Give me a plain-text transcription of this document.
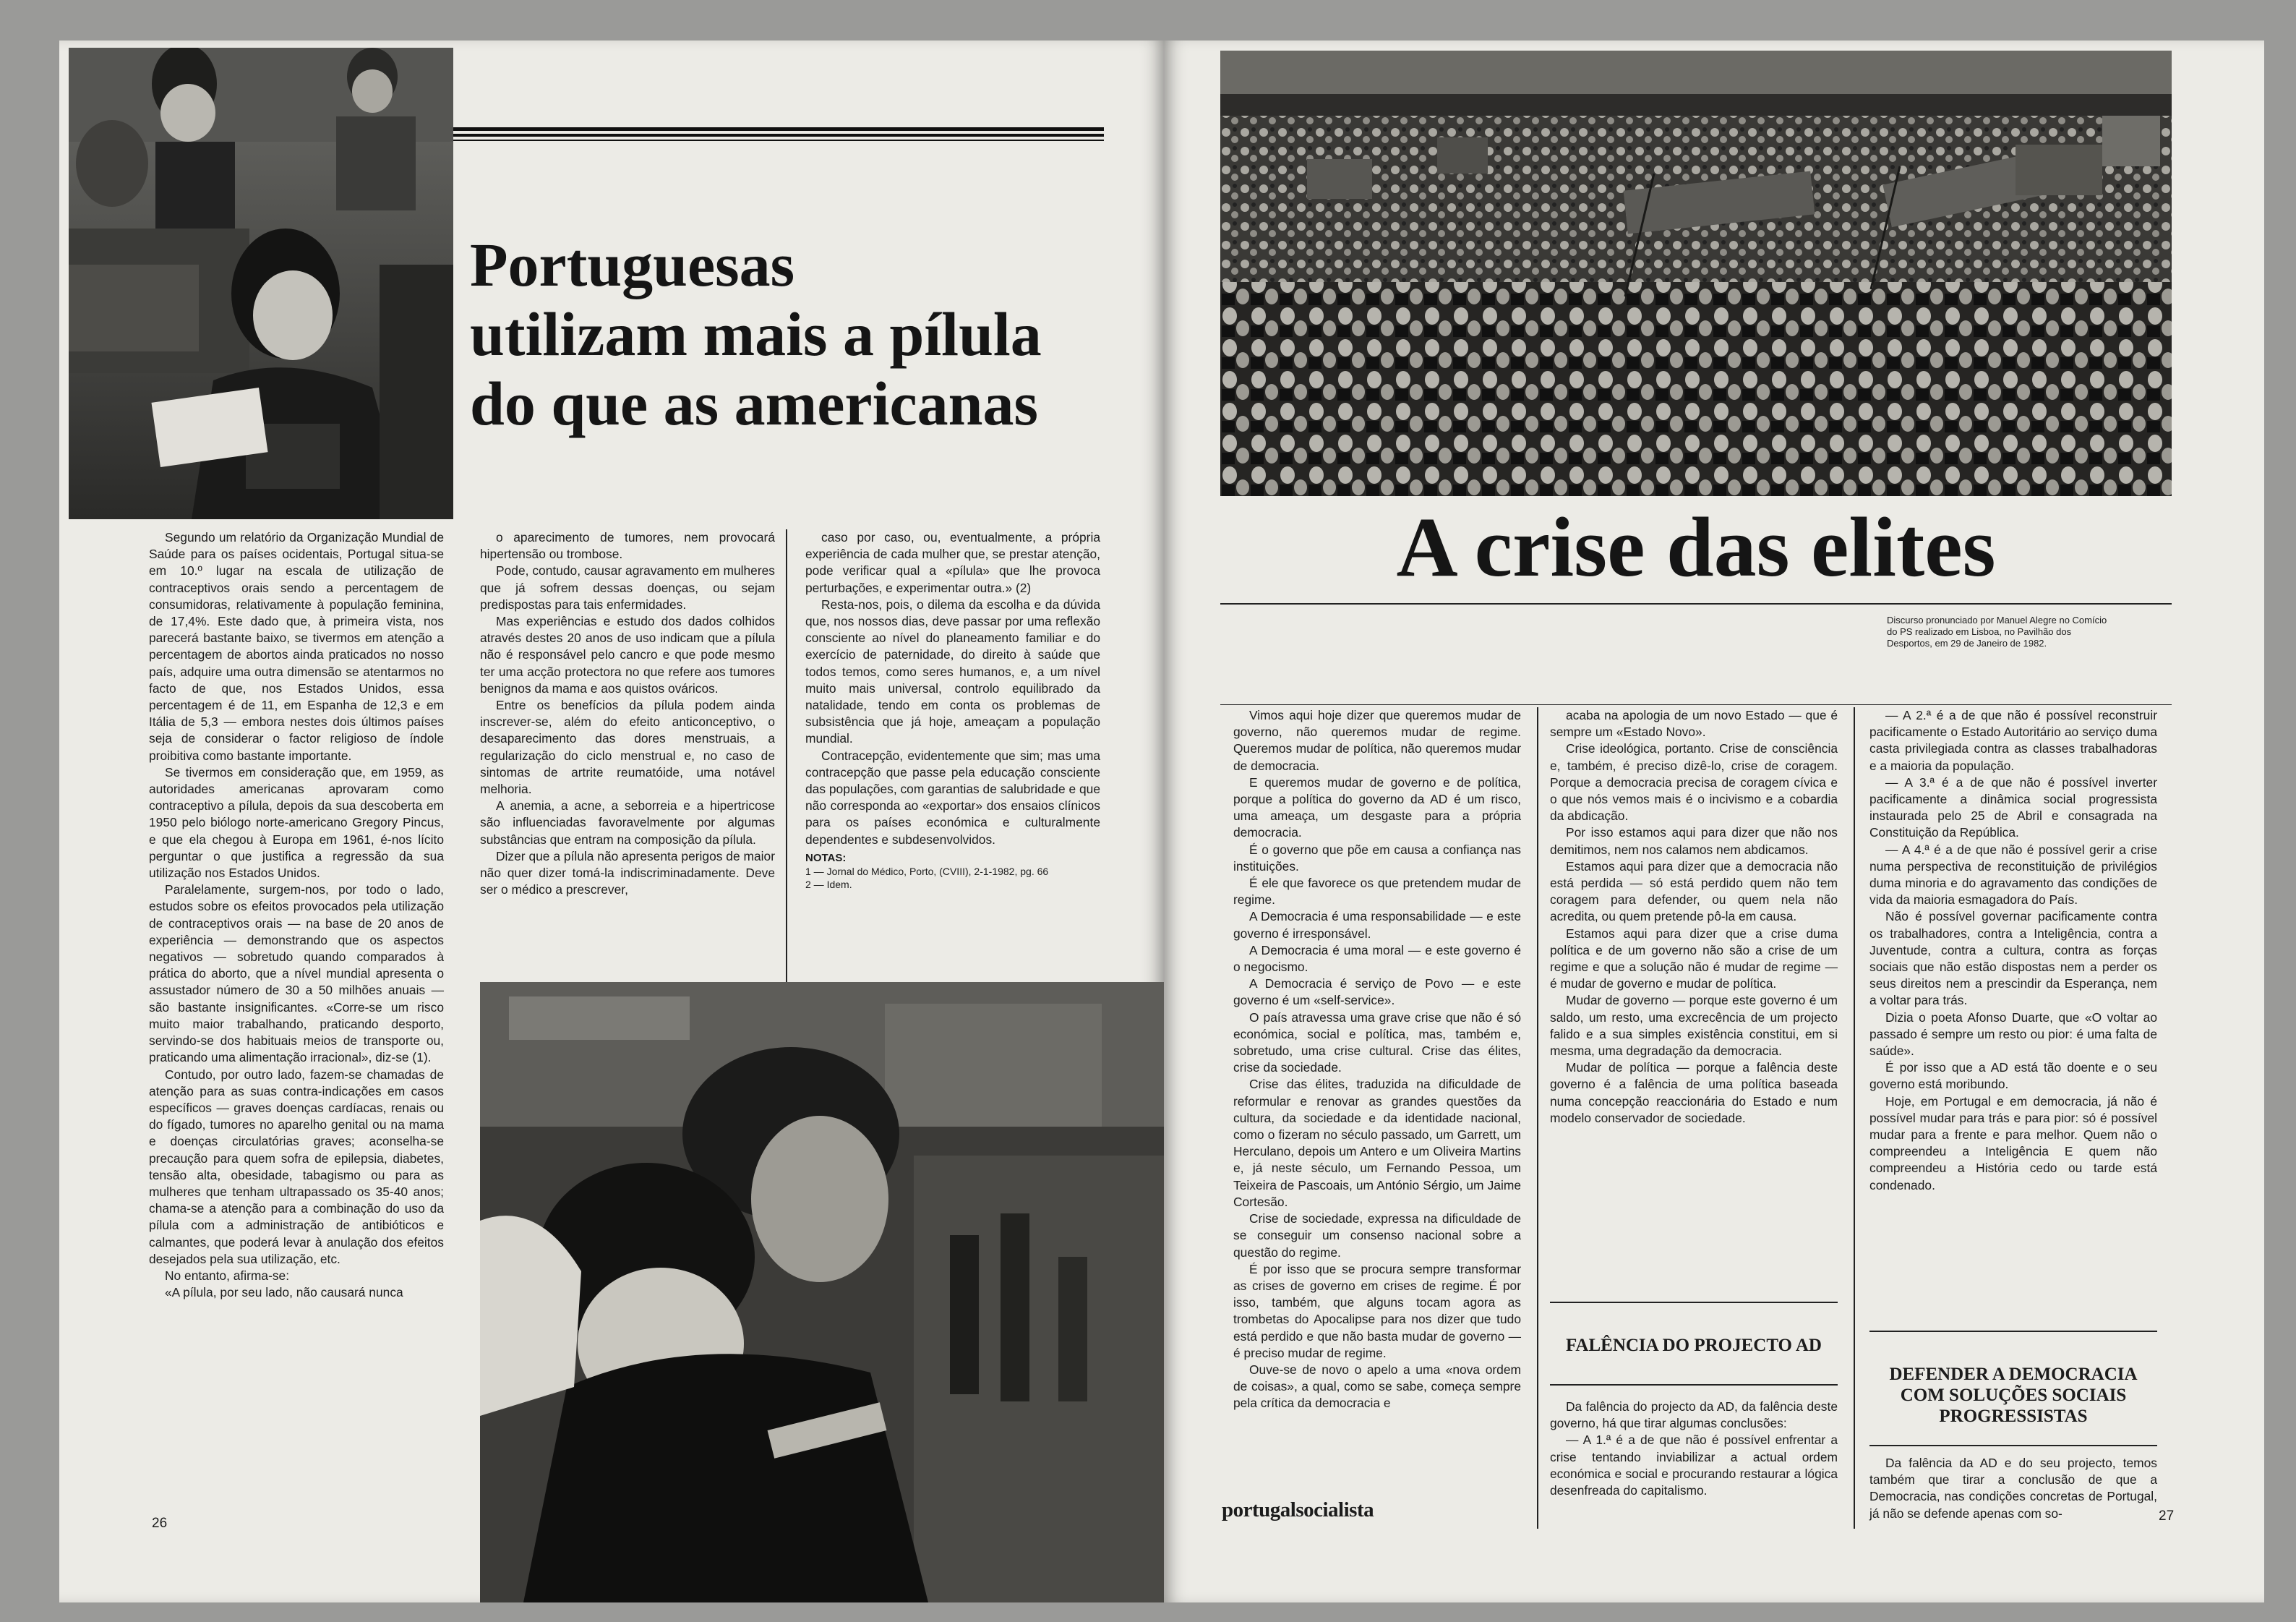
Portuguesas
utilizam mais a pílula
do que as americanas

Segundo um relatório da Organização Mundial de Saúde para os países ocidentais, Portugal situa-se em 10.º lugar na escala de utilização de contraceptivos orais sendo a percentagem de consumidoras, relativamente à população feminina, de 17,4%. Este dado que, à primeira vista, nos parecerá bastante baixo, se tivermos em atenção a percentagem de abortos ainda praticados no nosso país, adquire uma outra dimensão se atentarmos no facto de que, nos Estados Unidos, essa percentagem é de 11, em Espanha de 12,3 e em Itália de 5,3 — embora nestes dois últimos países seja de considerar o factor religioso de índole proibitiva como bastante importante.

Se tivermos em consideração que, em 1959, as autoridades americanas aprovaram como contraceptivo a pílula, depois da sua descoberta em 1950 pelo biólogo norte-americano Gregory Pincus, e que ela chegou à Europa em 1961, é-nos lícito perguntar o que justifica a regressão da sua utilização nos Estados Unidos.

Paralelamente, surgem-nos, por todo o lado, estudos sobre os efeitos provocados pela utilização de contraceptivos orais — na base de 20 anos de experiência — demonstrando que os aspectos negativos — sobretudo quando comparados à prática do aborto, que a nível mundial apresenta o assustador número de 30 a 50 milhões anuais — são bastante insignificantes. «Corre-se um risco muito maior trabalhando, praticando desporto, servindo-se dos habituais meios de transporte ou, praticando uma alimentação irracional», diz-se (1).

Contudo, por outro lado, fazem-se chamadas de atenção para as suas contra-indicações em casos específicos — graves doenças cardíacas, renais ou do fígado, tumores no aparelho genital ou na mama e doenças circulatórias graves; aconselha-se precaução para quem sofra de epilepsia, diabetes, tensão alta, obesidade, tabagismo ou para as mulheres que tenham ultrapassado os 35-40 anos; chama-se a atenção para a combinação do uso da pílula com a administração de antibióticos e calmantes, que poderá levar à anulação dos efeitos desejados pela sua utilização, etc.

No entanto, afirma-se:

«A pílula, por seu lado, não causará nunca

o aparecimento de tumores, nem provocará hipertensão ou trombose.

Pode, contudo, causar agravamento em mulheres que já sofrem dessas doenças, ou sejam predispostas para tais enfermidades.

Mas experiências e estudo dos dados colhidos através destes 20 anos de uso indicam que a pílula não é responsável pelo cancro e que pode mesmo ter uma acção protectora no que refere aos tumores benignos da mama e aos quistos ováricos.

Entre os benefícios da pílula podem ainda inscrever-se, além do efeito anticonceptivo, o desaparecimento das dores menstruais, a regularização do ciclo menstrual e, no caso de sintomas de artrite reumatóide, uma notável melhoria.

A anemia, a acne, a seborreia e a hipertricose são influenciadas favoravelmente por algumas substâncias que entram na composição da pílula.

Dizer que a pílula não apresenta perigos de maior não quer dizer tomá-la indiscriminadamente. Deve ser o médico a prescrever,

caso por caso, ou, eventualmente, a própria experiência de cada mulher que, se prestar atenção, pode verificar qual a «pílula» que lhe provoca perturbações, e experimentar outra.» (2)

Resta-nos, pois, o dilema da escolha e da dúvida que, nos nossos dias, deve passar por uma reflexão consciente ao nível do planeamento familiar e do exercício de paternidade, do direito à saúde que todos temos, como seres humanos, e, a um nível muito mais universal, controlo equilibrado da natalidade, tendo em conta os problemas de subsistência que já hoje, ameaçam a população mundial.

Contracepção, evidentemente que sim; mas uma contracepção que passe pela educação consciente das populações, com garantias de salubridade e que não corresponda ao «exportar» dos ensaios clínicos para os países económica e culturalmente dependentes e subdesenvolvidos.

NOTAS:
1 — Jornal do Médico, Porto, (CVIII), 2-1-1982, pg. 66
2 — Idem.

26
A crise das elites
Discurso pronunciado por Manuel Alegre no Comício do PS realizado em Lisboa, no Pavilhão dos Desportos, em 29 de Janeiro de 1982.

Vimos aqui hoje dizer que queremos mudar de governo, não queremos mudar de regime. Queremos mudar de política, não queremos mudar de democracia.

E queremos mudar de governo e de política, porque a política do governo da AD é um risco, uma ameaça, um desgaste para a própria democracia.

É o governo que põe em causa a confiança nas instituições.

É ele que favorece os que pretendem mudar de regime.

A Democracia é uma responsabilidade — e este governo é irresponsável.

A Democracia é uma moral — e este governo é o negocismo.

A Democracia é serviço de Povo — e este governo é um «self-service».

O país atravessa uma grave crise que não é só económica, social e política, mas, também e, sobretudo, uma crise cultural. Crise das élites, crise da sociedade.

Crise das élites, traduzida na dificuldade de reformular e renovar as grandes questões da cultura, da sociedade e da identidade nacional, como o fizeram no século passado, um Garrett, um Herculano, depois um Antero e um Oliveira Martins e, já neste século, um Fernando Pessoa, um Teixeira de Pascoais, um António Sérgio, um Jaime Cortesão.

Crise de sociedade, expressa na dificuldade de se conseguir um consenso nacional sobre a questão do regime.

É por isso que se procura sempre transformar as crises de governo em crises de regime. É por isso, também, que alguns tocam agora as trombetas do Apocalipse para nos dizer que tudo está perdido e que não basta mudar de governo — é preciso mudar de regime.

Ouve-se de novo o apelo a uma «nova ordem de coisas», a qual, como se sabe, começa sempre pela crítica da democracia e

acaba na apologia de um novo Estado — que é sempre um «Estado Novo».

Crise ideológica, portanto. Crise de consciência e, também, é preciso dizê-lo, crise de coragem. Porque a democracia precisa de coragem cívica e o que nós vemos mais é o incivismo e a cobardia da abdicação.

Por isso estamos aqui para dizer que não nos demitimos, nem nos calamos nem abdicamos.

Estamos aqui para dizer que a democracia não está perdida — só está perdido quem não tem coragem para defender, ou quem nela não acredita, ou quem pretende pô-la em causa.

Estamos aqui para dizer que a crise duma política e de um governo não são a crise de um regime e que a solução não é mudar de regime — é mudar de governo e mudar de política.

Mudar de governo — porque este governo é um saldo, um resto, uma excrecência de um projecto falido e a sua simples existência constitui, em si mesma, uma degradação da democracia.

Mudar de política — porque a falência deste governo é a falência de uma política baseada numa concepção reaccionária do Estado e num modelo conservador de sociedade.

FALÊNCIA DO PROJECTO AD

Da falência do projecto da AD, da falência deste governo, há que tirar algumas conclusões:

— A 1.ª é a de que não é possível enfrentar a crise tentando inviabilizar a actual ordem económica e social e procurando restaurar a lógica desenfreada do capitalismo.

— A 2.ª é a de que não é possível reconstruir pacificamente o Estado Autoritário ao serviço duma casta privilegiada contra as classes trabalhadoras e a maioria da população.

— A 3.ª é a de que não é possível inverter pacificamente a dinâmica social progressista instaurada pelo 25 de Abril e consagrada na Constituição da República.

— A 4.ª é a de que não é possível gerir a crise numa perspectiva de reconstituição de privilégios duma minoria e do agravamento das condições de vida da maioria esmagadora do País.

Não é possível governar pacificamente contra os trabalhadores, contra a Inteligência, contra a Juventude, contra a cultura, contra as forças sociais que não estão dispostas nem a perder os seus direitos nem a prescindir da Esperança, nem a voltar para trás.

Dizia o poeta Afonso Duarte, que «O voltar ao passado é sempre um resto ou pior: é uma falta de saúde».

É por isso que a AD está tão doente e o seu governo está moribundo.

Hoje, em Portugal e em democracia, já não é possível mudar para trás e para pior: só é possível mudar para a frente e para melhor. Quem não o compreendeu a Inteligência E quem não compreendeu a História cedo ou tarde está condenado.

DEFENDER A DEMOCRACIA
COM SOLUÇÕES SOCIAIS
PROGRESSISTAS

Da falência da AD e do seu projecto, temos também que tirar a conclusão de que a Democracia, nas condições concretas de Portugal, já não se defende apenas com so-

portugalsocialista	27
